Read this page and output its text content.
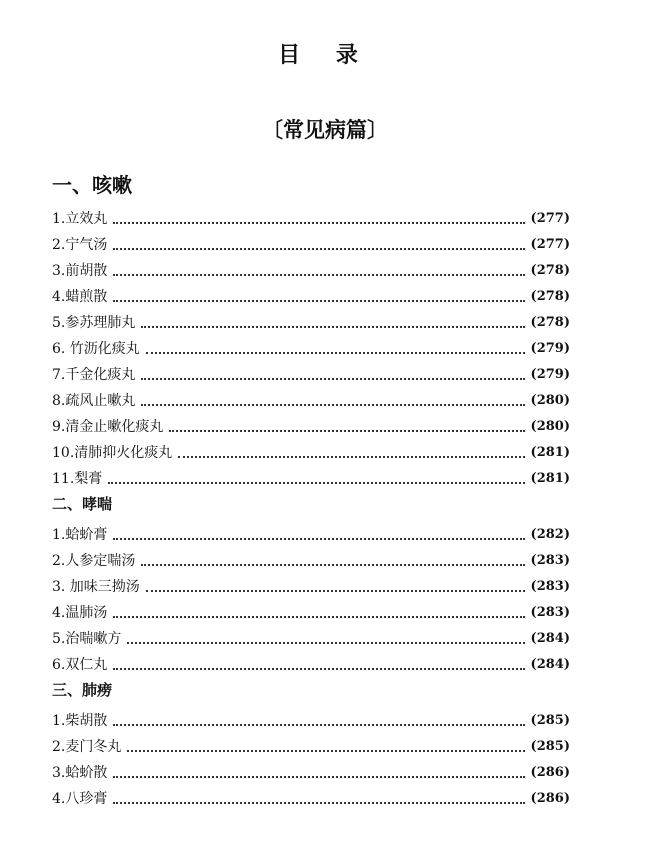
目 录
〔常见病篇〕
一、咳嗽
1.立效丸	(277)
2.宁气汤	(277)
3.前胡散	(278)
4.蜡煎散	(278)
5.参苏理肺丸	(278)
6. 竹沥化痰丸	(279)
7.千金化痰丸	(279)
8.疏风止嗽丸	(280)
9.清金止嗽化痰丸	(280)
10.清肺抑火化痰丸	(281)
11.梨膏	(281)
二、哮喘
1.蛤蚧膏	(282)
2.人参定喘汤	(283)
3. 加味三拗汤	(283)
4.温肺汤	(283)
5.治喘嗽方	(284)
6.双仁丸	(284)
三、肺痨
1.柴胡散	(285)
2.麦门冬丸	(285)
3.蛤蚧散	(286)
4.八珍膏	(286)
